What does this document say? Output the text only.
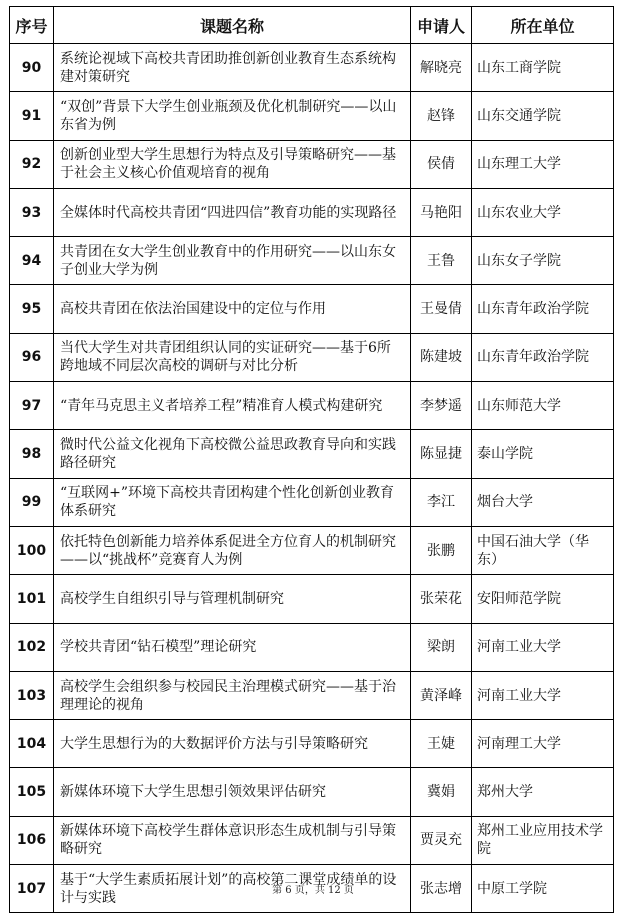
序号	课题名称	申请人	所在单位
90	系统论视域下高校共青团助推创新创业教育生态系统构建对策研究	解晓亮	山东工商学院
91	“双创”背景下大学生创业瓶颈及优化机制研究——以山东省为例	赵锋	山东交通学院
92	创新创业型大学生思想行为特点及引导策略研究——基于社会主义核心价值观培育的视角	侯倩	山东理工大学
93	全媒体时代高校共青团“四进四信”教育功能的实现路径	马艳阳	山东农业大学
94	共青团在女大学生创业教育中的作用研究——以山东女子创业大学为例	王鲁	山东女子学院
95	高校共青团在依法治国建设中的定位与作用	王曼倩	山东青年政治学院
96	当代大学生对共青团组织认同的实证研究——基于6所跨地域不同层次高校的调研与对比分析	陈建坡	山东青年政治学院
97	“青年马克思主义者培养工程”精准育人模式构建研究	李梦遥	山东师范大学
98	微时代公益文化视角下高校微公益思政教育导向和实践路径研究	陈显捷	泰山学院
99	“互联网+”环境下高校共青团构建个性化创新创业教育体系研究	李江	烟台大学
100	依托特色创新能力培养体系促进全方位育人的机制研究——以“挑战杯”竞赛育人为例	张鹏	中国石油大学（华东）
101	高校学生自组织引导与管理机制研究	张荣花	安阳师范学院
102	学校共青团“钻石模型”理论研究	梁朗	河南工业大学
103	高校学生会组织参与校园民主治理模式研究——基于治理理论的视角	黄泽峰	河南工业大学
104	大学生思想行为的大数据评价方法与引导策略研究	王婕	河南理工大学
105	新媒体环境下大学生思想引领效果评估研究	冀娟	郑州大学
106	新媒体环境下高校学生群体意识形态生成机制与引导策略研究	贾灵充	郑州工业应用技术学院
107	基于“大学生素质拓展计划”的高校第二课堂成绩单的设计与实践	张志增	中原工学院
第 6 页，共 12 页
